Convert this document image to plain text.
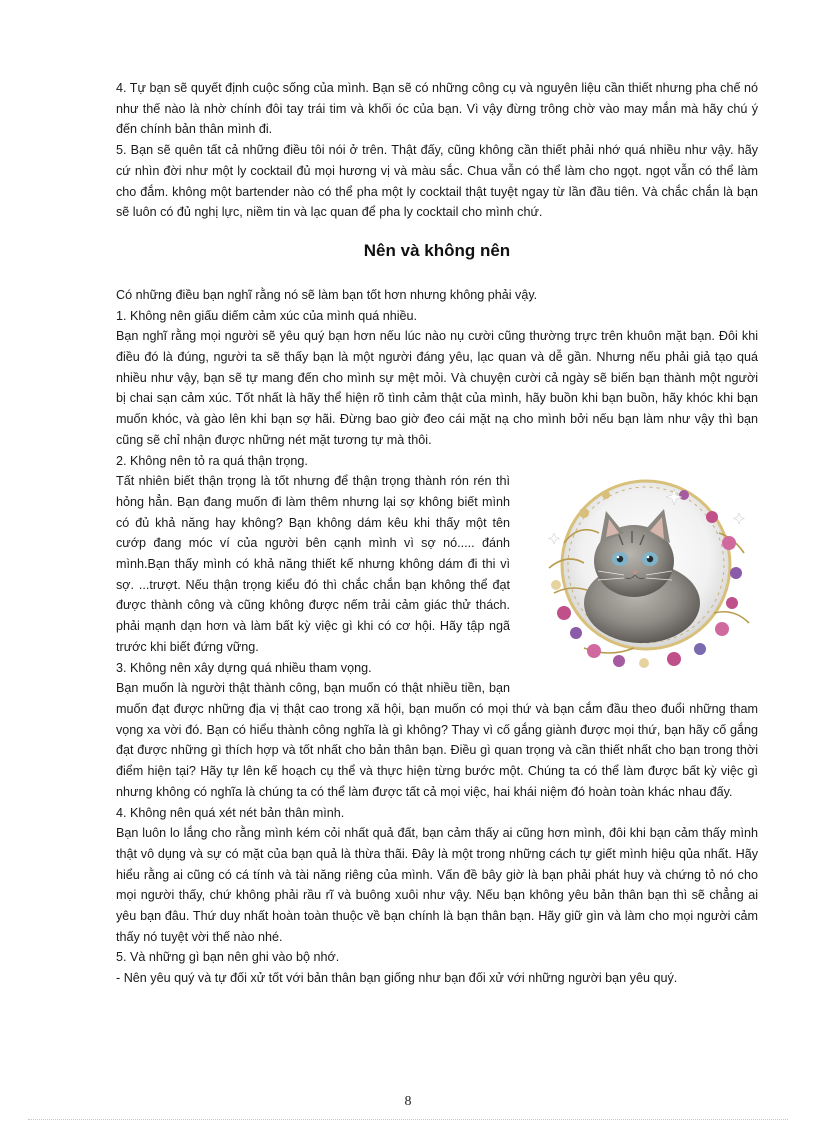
4. Tự bạn sẽ quyết định cuộc sống của mình. Bạn sẽ có những công cụ và nguyên liệu cần thiết nhưng pha chế nó như thế nào là nhờ chính đôi tay trái tim và khối óc của bạn. Vì vậy đừng trông chờ vào may mắn mà hãy chú ý đến chính bản thân mình đi.

5. Bạn sẽ quên tất cả những điều tôi nói ở trên. Thật đấy, cũng không cần thiết phải nhớ quá nhiều như vậy. hãy cứ nhìn đời như một ly cocktail đủ mọi hương vị và màu sắc. Chua vẫn có thể làm cho ngọt. ngọt vẫn có thể làm cho đắm. không một bartender nào có thể pha một ly cocktail thật tuyệt ngay từ lần đầu tiên. Và chắc chắn là bạn sẽ luôn có đủ nghị lực, niềm tin và lạc quan để pha ly cocktail cho mình chứ.

Nên và không nên

Có những điều bạn nghĩ rằng nó sẽ làm bạn tốt hơn nhưng không phải vậy.

1. Không nên giấu diếm cảm xúc của mình quá nhiều.

Bạn nghĩ rằng mọi người sẽ yêu quý bạn hơn nếu lúc nào nụ cười cũng thường trực trên khuôn mặt bạn. Đôi khi điều đó là đúng, người ta sẽ thấy bạn là một người đáng yêu, lạc quan và dễ gần. Nhưng nếu phải giả tạo quá nhiều như vậy, bạn sẽ tự mang đến cho mình sự mệt mỏi. Và chuyện cười cả ngày sẽ biến bạn thành một người bị chai sạn cảm xúc. Tốt nhất là hãy thể hiện rõ tình cảm thật của mình, hãy buồn khi bạn buồn, hãy khóc khi bạn muốn khóc, và gào lên khi bạn sợ hãi. Đừng bao giờ đeo cái mặt nạ cho mình bởi nếu bạn làm như vậy thì bạn cũng sẽ chỉ nhận được những nét mặt tương tự mà thôi.

2. Không nên tỏ ra quá thận trọng.

Tất nhiên biết thận trọng là tốt nhưng để thận trọng thành rón rén thì hỏng hẳn. Bạn đang muốn đi làm thêm nhưng lại sợ không biết mình có đủ khả năng hay không? Bạn không dám kêu khi thấy một tên cướp đang móc ví của người bên cạnh mình vì sợ nó..... đánh mình.Bạn thấy mình có khả năng thiết kế nhưng không dám đi thi vì sợ. ...trượt. Nếu thận trọng kiểu đó thì chắc chắn bạn không thể đạt được thành công và cũng không được nếm trải cảm giác thử thách. phải mạnh dạn hơn và làm bất kỳ việc gì khi có cơ hội. Hãy tập ngã trước khi biết đứng vững.

3. Không nên xây dựng quá nhiều tham vọng.

Bạn muốn là người thật thành công, bạn muốn có thật nhiều tiền, bạn muốn đạt được những địa vị thật cao trong xã hội, bạn muốn có mọi thứ và bạn cắm đầu theo đuổi những tham vọng xa vời đó. Bạn có hiểu thành công nghĩa là gì không? Thay vì cố gắng giành được mọi thứ, bạn hãy cố gắng đạt được những gì thích hợp và tốt nhất cho bản thân bạn. Điều gì quan trọng và cần thiết nhất cho bạn trong thời điểm hiện tại? Hãy tự lên kế hoạch cụ thể và thực hiện từng bước một. Chúng ta có thể làm được bất kỳ việc gì nhưng không có nghĩa là chúng ta có thể làm được tất cả mọi việc, hai khái niệm đó hoàn toàn khác nhau đấy.

4. Không nên quá xét nét bản thân mình.

Bạn luôn lo lắng cho rằng mình kém cỏi nhất quả đất, bạn cảm thấy ai cũng hơn mình, đôi khi bạn cảm thấy mình thật vô dụng và sự có mặt của bạn quả là thừa thãi. Đây là một trong những cách tự giết mình hiệu qủa nhất. Hãy hiểu rằng ai cũng có cá tính và tài năng riêng của mình. Vấn đề bây giờ là bạn phải phát huy và chứng tỏ nó cho mọi người thấy, chứ không phải rầu rĩ và buông xuôi như vậy. Nếu bạn không yêu bản thân bạn thì sẽ chẳng ai yêu bạn đâu. Thứ duy nhất hoàn toàn thuộc về bạn chính là bạn thân bạn. Hãy giữ gìn và làm cho mọi người cảm thấy nó tuyệt vời thế nào nhé.

5. Và những gì bạn nên ghi vào bộ nhớ.

- Nên yêu quý và tự đối xử tốt với bản thân bạn giống như bạn đối xử với những người bạn yêu quý.

8
